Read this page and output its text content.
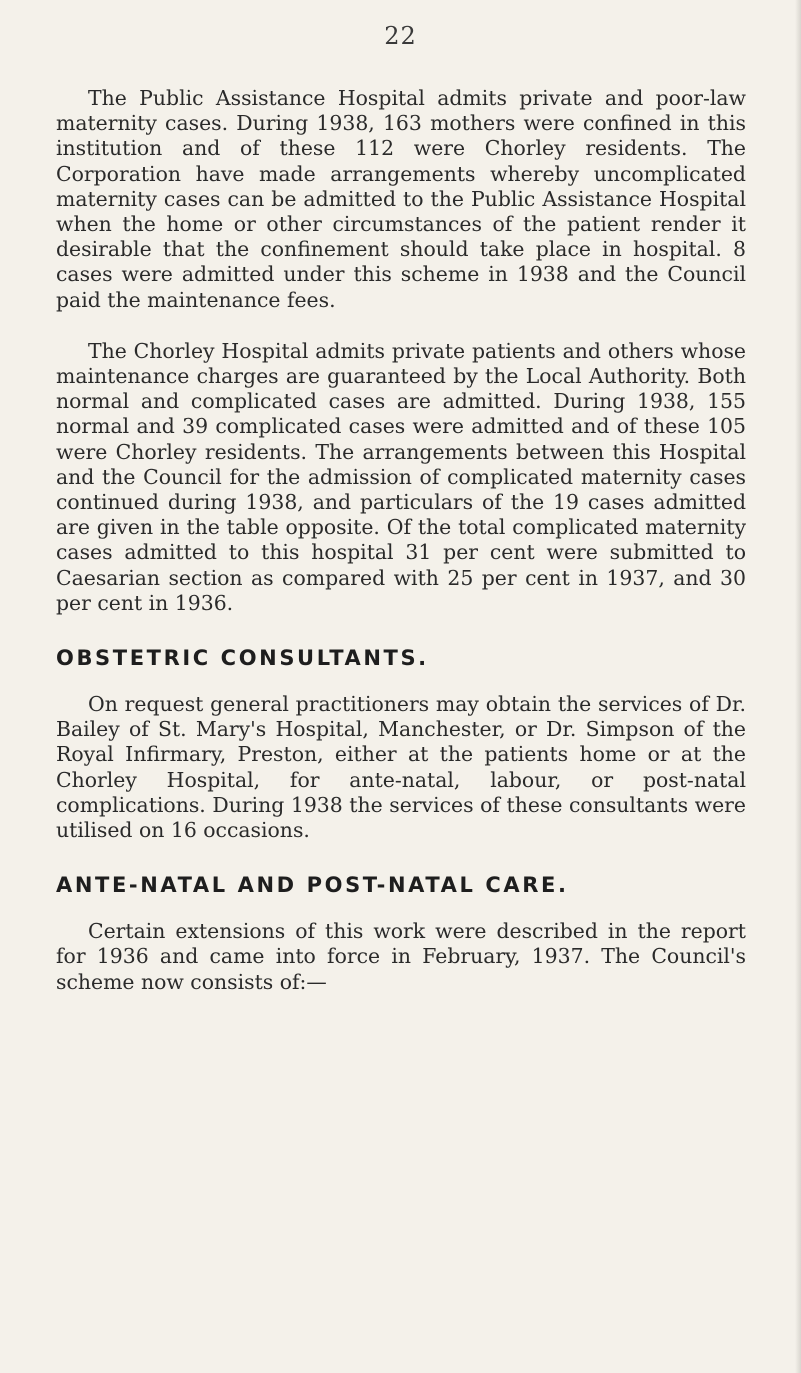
22

The Public Assistance Hospital admits private and poor-law maternity cases. During 1938, 163 mothers were confined in this institution and of these 112 were Chorley residents. The Corporation have made arrangements whereby uncomplicated maternity cases can be admitted to the Public Assistance Hospital when the home or other circumstances of the patient render it desirable that the confinement should take place in hospital. 8 cases were admitted under this scheme in 1938 and the Council paid the maintenance fees.

The Chorley Hospital admits private patients and others whose maintenance charges are guaranteed by the Local Authority. Both normal and complicated cases are admitted. During 1938, 155 normal and 39 complicated cases were admitted and of these 105 were Chorley residents. The arrangements between this Hospital and the Council for the admission of complicated maternity cases continued during 1938, and particulars of the 19 cases admitted are given in the table opposite. Of the total complicated maternity cases admitted to this hospital 31 per cent were submitted to Caesarian section as compared with 25 per cent in 1937, and 30 per cent in 1936.

OBSTETRIC CONSULTANTS.

On request general practitioners may obtain the services of Dr. Bailey of St. Mary's Hospital, Manchester, or Dr. Simpson of the Royal Infirmary, Preston, either at the patients home or at the Chorley Hospital, for ante-natal, labour, or post-natal complications. During 1938 the services of these consultants were utilised on 16 occasions.

ANTE-NATAL AND POST-NATAL CARE.

Certain extensions of this work were described in the report for 1936 and came into force in February, 1937. The Council's scheme now consists of:—
